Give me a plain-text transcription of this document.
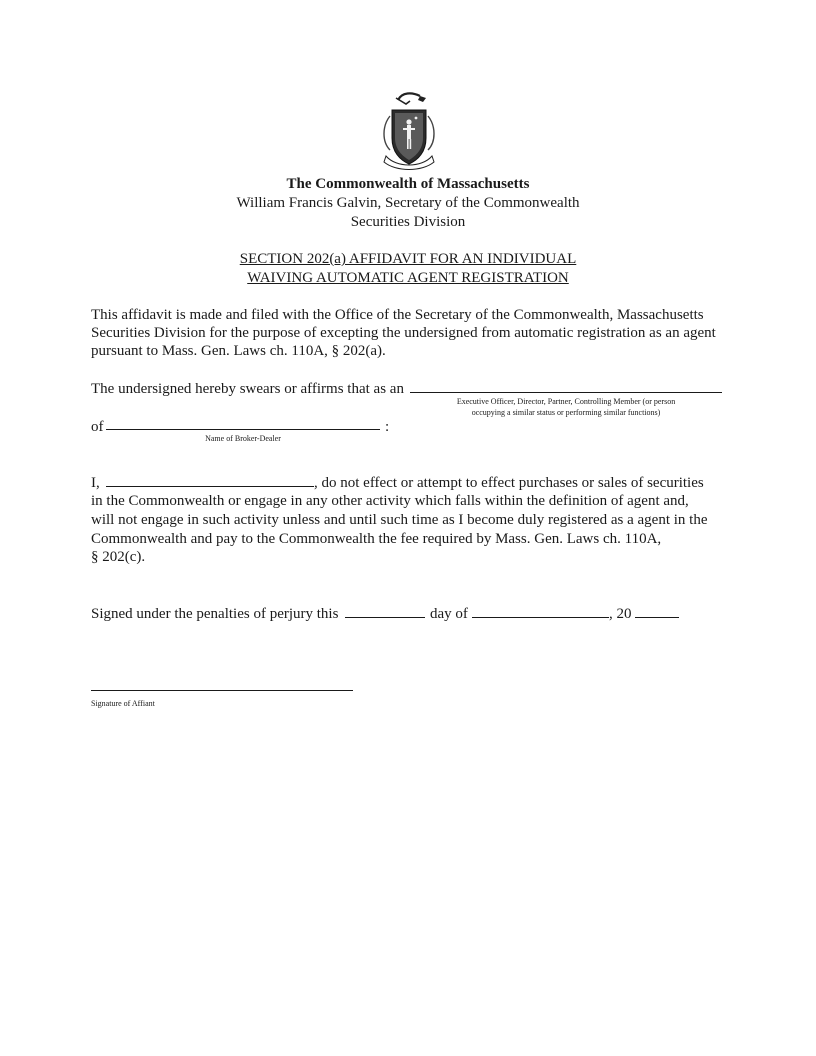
The Commonwealth of Massachusetts
William Francis Galvin, Secretary of the Commonwealth
Securities Division
SECTION 202(a) AFFIDAVIT FOR AN INDIVIDUAL
WAIVING AUTOMATIC AGENT REGISTRATION
This affidavit is made and filed with the Office of the Secretary of the Commonwealth, Massachusetts
Securities Division for the purpose of excepting the undersigned from automatic registration as an agent
pursuant to Mass. Gen. Laws ch. 110A, § 202(a).
The undersigned hereby swears or affirms that as an
Executive Officer, Director, Partner, Controlling Member (or person
occupying a similar status or performing similar functions)
of	:
Name of Broker-Dealer
I,	, do not effect or attempt to effect purchases or sales of securities
in the Commonwealth or engage in any other activity which falls within the definition of agent and,
will not engage in such activity unless and until such time as I become duly registered as a agent in the
Commonwealth and pay to the Commonwealth the fee required by Mass. Gen. Laws ch. 110A,
§ 202(c).
Signed under the penalties of perjury this	day of	, 20
Signature of Affiant
